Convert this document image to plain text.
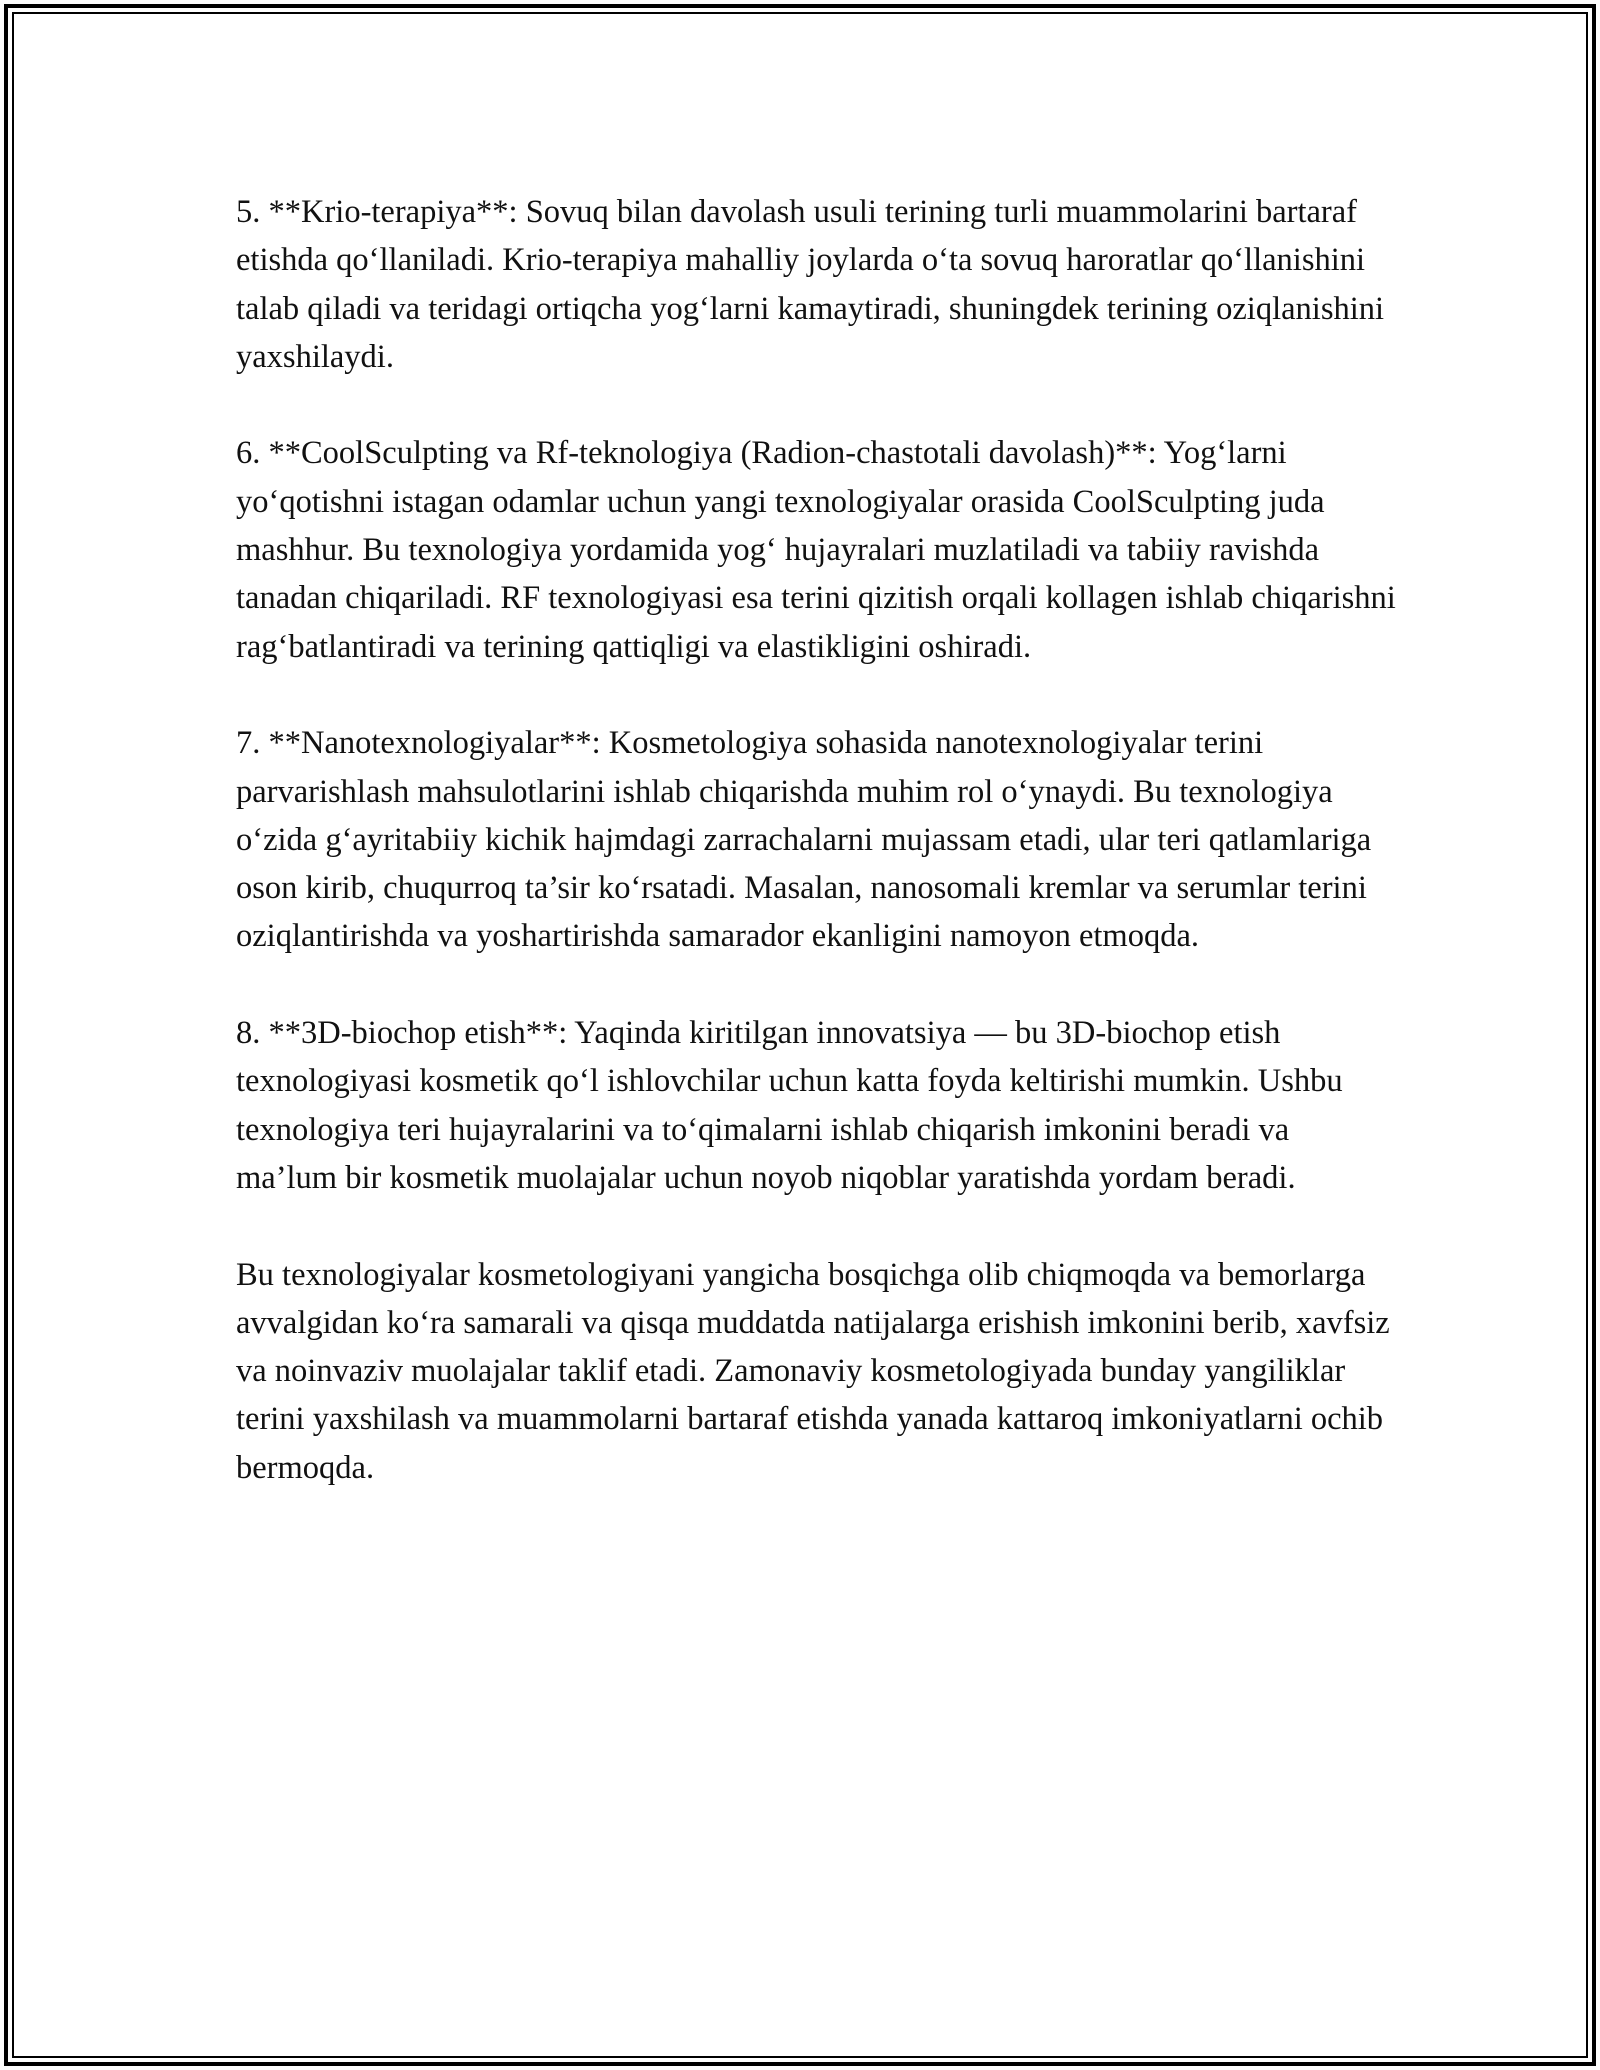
5. **Krio-terapiya**: Sovuq bilan davolash usuli terining turli muammolarini bartaraf etishda qo‘llaniladi. Krio-terapiya mahalliy joylarda o‘ta sovuq haroratlar qo‘llanishini talab qiladi va teridagi ortiqcha yog‘larni kamaytiradi, shuningdek terining oziqlanishini yaxshilaydi.

6. **CoolSculpting va Rf-teknologiya (Radion-chastotali davolash)**: Yog‘larni yo‘qotishni istagan odamlar uchun yangi texnologiyalar orasida CoolSculpting juda mashhur. Bu texnologiya yordamida yog‘ hujayralari muzlatiladi va tabiiy ravishda tanadan chiqariladi. RF texnologiyasi esa terini qizitish orqali kollagen ishlab chiqarishni rag‘batlantiradi va terining qattiqligi va elastikligini oshiradi.

7. **Nanotexnologiyalar**: Kosmetologiya sohasida nanotexnologiyalar terini parvarishlash mahsulotlarini ishlab chiqarishda muhim rol o‘ynaydi. Bu texnologiya o‘zida g‘ayritabiiy kichik hajmdagi zarrachalarni mujassam etadi, ular teri qatlamlariga oson kirib, chuqurroq ta’sir ko‘rsatadi. Masalan, nanosomali kremlar va serumlar terini oziqlantirishda va yoshartirishda samarador ekanligini namoyon etmoqda.

8. **3D-biochop etish**: Yaqinda kiritilgan innovatsiya — bu 3D-biochop etish texnologiyasi kosmetik qo‘l ishlovchilar uchun katta foyda keltirishi mumkin. Ushbu texnologiya teri hujayralarini va to‘qimalarni ishlab chiqarish imkonini beradi va ma’lum bir kosmetik muolajalar uchun noyob niqoblar yaratishda yordam beradi.

Bu texnologiyalar kosmetologiyani yangicha bosqichga olib chiqmoqda va bemorlarga avvalgidan ko‘ra samarali va qisqa muddatda natijalarga erishish imkonini berib, xavfsiz va noinvaziv muolajalar taklif etadi. Zamonaviy kosmetologiyada bunday yangiliklar terini yaxshilash va muammolarni bartaraf etishda yanada kattaroq imkoniyatlarni ochib bermoqda.
